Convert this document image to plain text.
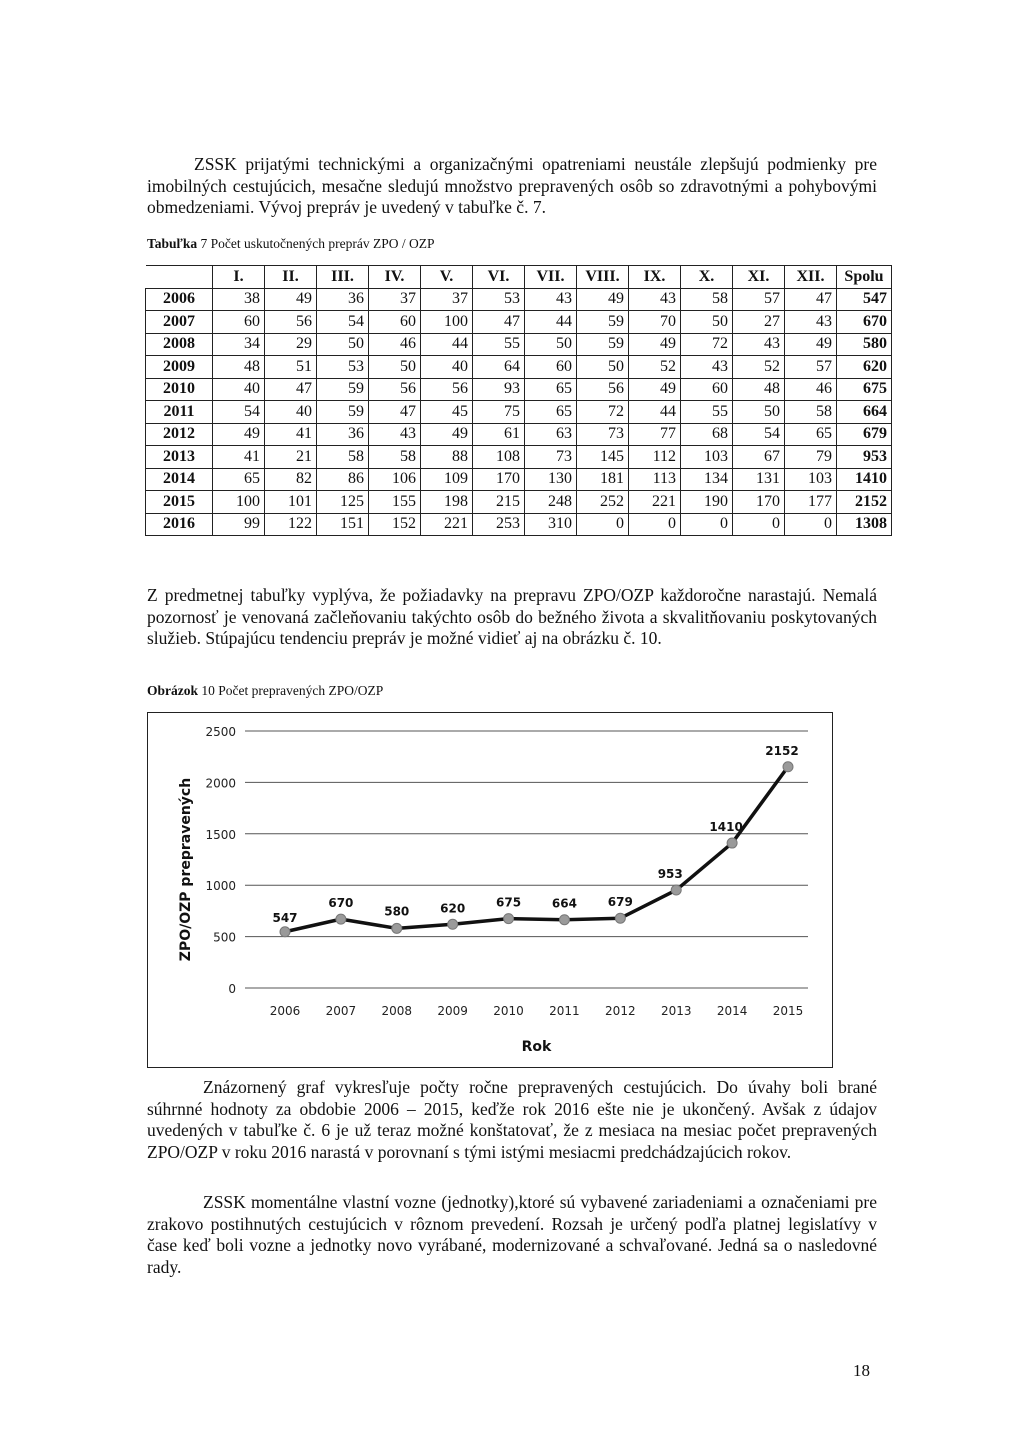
ZSSK prijatými technickými a organizačnými opatreniami neustále zlepšujú podmienky pre imobilných cestujúcich, mesačne sledujú množstvo prepravených osôb so zdravotnými a pohybovými obmedzeniami. Vývoj prepráv je uvedený v tabuľke č. 7.

Tabuľka 7 Počet uskutočnených prepráv ZPO / OZP
	I.	II.	III.	IV.	V.	VI.	VII.	VIII.	IX.	X.	XI.	XII.	Spolu
2006	38	49	36	37	37	53	43	49	43	58	57	47	547
2007	60	56	54	60	100	47	44	59	70	50	27	43	670
2008	34	29	50	46	44	55	50	59	49	72	43	49	580
2009	48	51	53	50	40	64	60	50	52	43	52	57	620
2010	40	47	59	56	56	93	65	56	49	60	48	46	675
2011	54	40	59	47	45	75	65	72	44	55	50	58	664
2012	49	41	36	43	49	61	63	73	77	68	54	65	679
2013	41	21	58	58	88	108	73	145	112	103	67	79	953
2014	65	82	86	106	109	170	130	181	113	134	131	103	1410
2015	100	101	125	155	198	215	248	252	221	190	170	177	2152
2016	99	122	151	152	221	253	310	0	0	0	0	0	1308

Z predmetnej tabuľky vyplýva, že požiadavky na prepravu ZPO/OZP každoročne narastajú. Nemalá pozornosť je venovaná začleňovaniu takýchto osôb do bežného života a skvalitňovaniu poskytovaných služieb. Stúpajúcu tendenciu prepráv je možné vidieť aj na obrázku č. 10.

Obrázok 10 Počet prepravených ZPO/OZP
0
500
1000
1500
2000
2500
2006 2007 2008 2009 2010 2011 2012 2013 2014 2015
Rok
ZPO/OZP prepravených	547
670
580	620	675	664	679
953
1410
2152

Znázornený graf vykresľuje počty ročne prepravených cestujúcich. Do úvahy boli brané súhrnné hodnoty za obdobie 2006 – 2015, keďže rok 2016 ešte nie je ukončený. Avšak z údajov uvedených v tabuľke č. 6 je už teraz možné konštatovať, že z mesiaca na mesiac počet prepravených ZPO/OZP v roku 2016 narastá v porovnaní s tými istými mesiacmi predchádzajúcich rokov.

ZSSK momentálne vlastní vozne (jednotky),ktoré sú vybavené zariadeniami a označeniami pre zrakovo postihnutých cestujúcich v rôznom prevedení. Rozsah je určený podľa platnej legislatívy v čase keď boli vozne a jednotky novo vyrábané, modernizované a schvaľované. Jedná sa o nasledovné rady.

18
